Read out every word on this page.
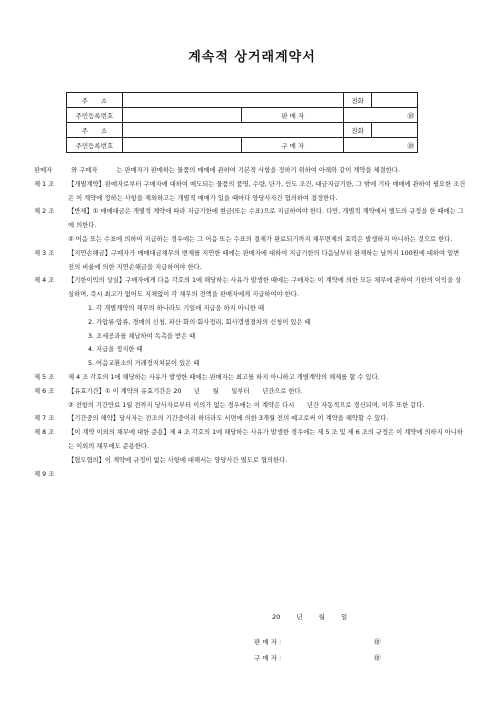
계속적 상거래계약서
주　　소			전화	
주민등록번호		판 매 자	㊞	
주　　소			전화	
주민등록번호		구 매 자	㊞	

판매자　　　와 구매자　　　는 판매자가 판매하는 물품의 매매에 관하여 기본적 사항을 정하기 위하여 아래와 같이 계약을 체결한다.

제 1 조	【개별계약】판매자로부터 구매자에 대하여 매도되는 물품의 품명, 수량, 단가, 인도 조건, 대금지급기한, 그 밖에 기타 매매에 관하여 필요한 조건은 이 계약에 정하는 사항을 제외하고는 개별적 매매가 있을 때마다 양당사자간 협의하여 결정한다.
제 2 조	【반제】① 매매대금은 개별적 계약에 따라 지급기한에 현금(또는 수표)으로 지급하여야 한다. 다만, 개별적 계약에서 별도의 규정을 한 때에는 그에 의한다.

② 어음 또는 수표에 의하여 지급하는 경우에는 그 어음 또는 수표의 결제가 완료되기까지 채무변제의 효력은 발생하지 아니하는 것으로 한다.

제 3 조	【지연손해금】구매자가 매매대금채무의 변제를 지연한 때에는 판매자에 대하여 지급기한의 다음날부터 완제하는 날까지 100원에 대하여 일변　　전의 비율에 의한 지연손해금을 지급하여야 한다.
제 4 조	【기한이익의 상실】구매자에게 다음 각호의 1에 해당하는 사유가 발생한 때에는 구매자는 이 계약에 의한 모든 채무에 관하여 기한의 이익을 상실하며, 즉시 최고가 없어도 지체없이 각 채무의 전액을 판매자에게 지급하여야 한다.

1. 각 개별계약의 채무의 하나라도 기일에 지급을 하지 아니한 때

2. 가압류·압류, 경매의 신청, 파산·화의·회사정리, 회사갱생절차의 신청이 있은 때

3. 조세공과를 체납하여 독촉을 받은 때

4. 지급을 정지한 때

5. 어음교환소의 거래정지처분이 있은 때

제 5 조	제 4 조 각호의 1에 해당하는 사유가 발생한 때에는 판매자는 최고를 하지 아니하고 개별계약의 해제를 할 수 있다.
제 6 조	【유효기간】① 이 계약의 유효기간은 20　　년　　월　　일부터　　년간으로 한다.

② 전항의 기간만료 1월 전까지 당사자로부터 이의가 없는 경우에는 이 계약은 다시　　년간 자동적으로 경신되며, 이후 또한 같다.

제 7 조	【기간중의 해약】당사자는 전조의 기간중이라 하더라도 서면에 의한 3개월 전의 예고로써 이 계약을 해약할 수 있다.
제 8 조	【이 계약 이외의 채무에 대한 준용】제 4 조 각호의 1에 해당하는 사유가 발생한 경우에는 제 5 조 및 제 6 조의 규정은 이 계약에 의하지 아니하는 이외의 채무에도 준용한다.
【협도협의】이 계약에 규정이 없는 사항에 대해서는 양당사간 별도로 협의한다.
제 9 조
20 년 월 일
판 매 자 :	㊞
구 매 자 :	㊞
